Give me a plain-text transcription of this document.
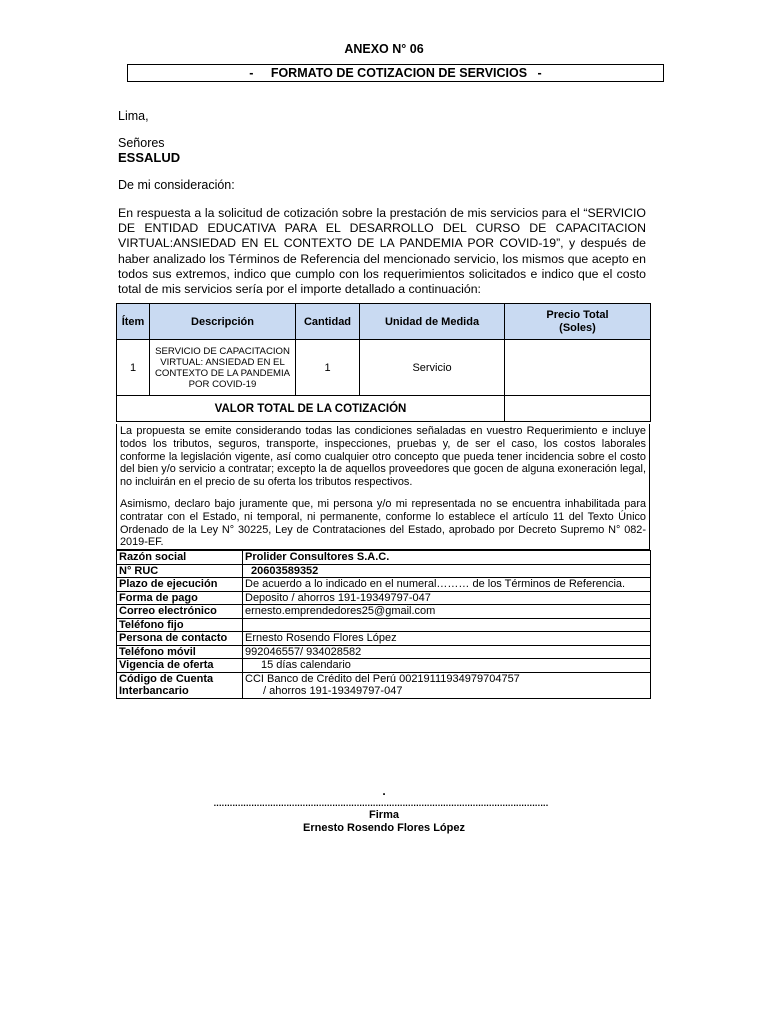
ANEXO N° 06
-     FORMATO DE COTIZACION DE SERVICIOS   -
Lima,
Señores
ESSALUD
De mi consideración:
En respuesta a la solicitud de cotización sobre la prestación de mis servicios para el “SERVICIO DE ENTIDAD EDUCATIVA PARA EL DESARROLLO DEL CURSO DE CAPACITACION VIRTUAL:ANSIEDAD EN EL CONTEXTO DE LA PANDEMIA POR COVID-19”, y después de haber analizado los Términos de Referencia del mencionado servicio, los mismos que acepto en todos sus extremos, indico que cumplo con los requerimientos solicitados e indico que el costo total de mis servicios sería por el importe detallado a continuación:
Ítem	Descripción	Cantidad	Unidad de Medida	Precio Total (Soles)
1	SERVICIO DE CAPACITACION VIRTUAL: ANSIEDAD EN EL CONTEXTO DE LA PANDEMIA POR COVID-19	1	Servicio	
VALOR TOTAL DE LA COTIZACIÓN				

La propuesta se emite considerando todas las condiciones señaladas en vuestro Requerimiento e incluye todos los tributos, seguros, transporte, inspecciones, pruebas y, de ser el caso, los costos laborales conforme la legislación vigente, así como cualquier otro concepto que pueda tener incidencia sobre el costo del bien y/o servicio a contratar; excepto la de aquellos proveedores que gocen de alguna exoneración legal, no incluirán en el precio de su oferta los tributos respectivos.

Asimismo, declaro bajo juramente que, mi persona y/o mi representada no se encuentra inhabilitada para contratar con el Estado, ni temporal, ni permanente, conforme lo establece el artículo 11 del Texto Único Ordenado de la Ley N° 30225, Ley de Contrataciones del Estado, aprobado por Decreto Supremo N° 082-2019-EF.

Razón social	Prolider Consultores S.A.C.
N° RUC	20603589352
Plazo de ejecución	De acuerdo a lo indicado en el numeral……… de los Términos de Referencia.
Forma de pago	Deposito / ahorros 191-19349797-047
Correo electrónico	ernesto.emprendedores25@gmail.com
Teléfono fijo	
Persona de contacto	Ernesto Rosendo Flores López
Teléfono móvil	992046557/ 934028582
Vigencia de oferta	15 días calendario
Código de Cuenta Interbancario	CCI Banco de Crédito del Perú 00219111934979704757
/ ahorros 191-19349797-047
.
............................................................................................................................
Firma
Ernesto Rosendo Flores López
